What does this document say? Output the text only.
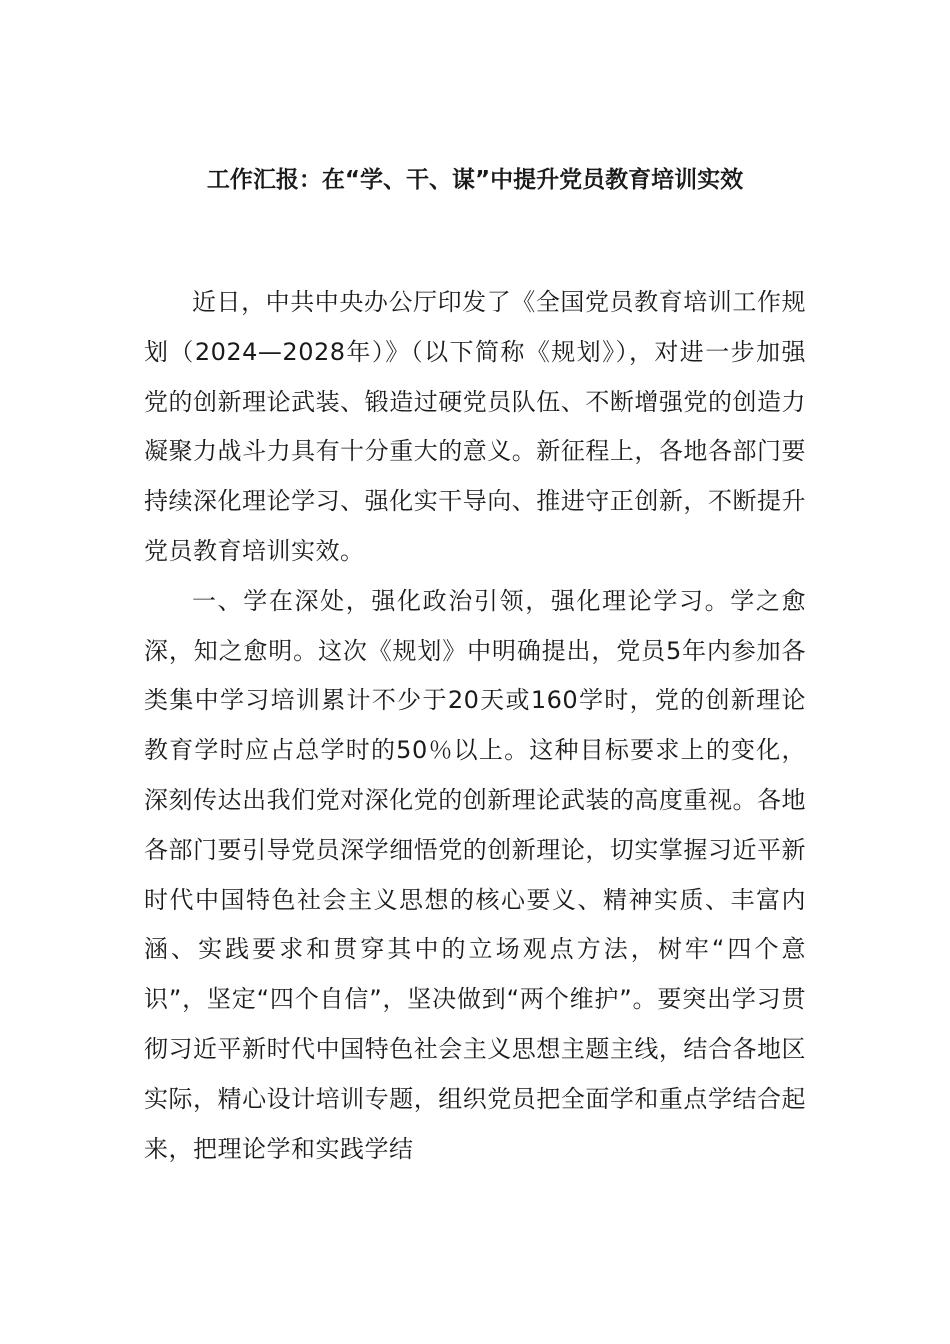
工作汇报：在“学、干、谋”中提升党员教育培训实效

近日，中共中央办公厅印发了《全国党员教育培训工作规划（2024—2028年）》（以下简称《规划》），对进一步加强党的创新理论武装、锻造过硬党员队伍、不断增强党的创造力凝聚力战斗力具有十分重大的意义。新征程上，各地各部门要持续深化理论学习、强化实干导向、推进守正创新，不断提升党员教育培训实效。

一、学在深处，强化政治引领，强化理论学习。学之愈深，知之愈明。这次《规划》中明确提出，党员5年内参加各类集中学习培训累计不少于20天或160学时，党的创新理论教育学时应占总学时的50％以上。这种目标要求上的变化，深刻传达出我们党对深化党的创新理论武装的高度重视。各地各部门要引导党员深学细悟党的创新理论，切实掌握习近平新时代中国特色社会主义思想的核心要义、精神实质、丰富内涵、实践要求和贯穿其中的立场观点方法，树牢“四个意识”，坚定“四个自信”，坚决做到“两个维护”。要突出学习贯彻习近平新时代中国特色社会主义思想主题主线，结合各地区实际，精心设计培训专题，组织党员把全面学和重点学结合起来，把理论学和实践学结
